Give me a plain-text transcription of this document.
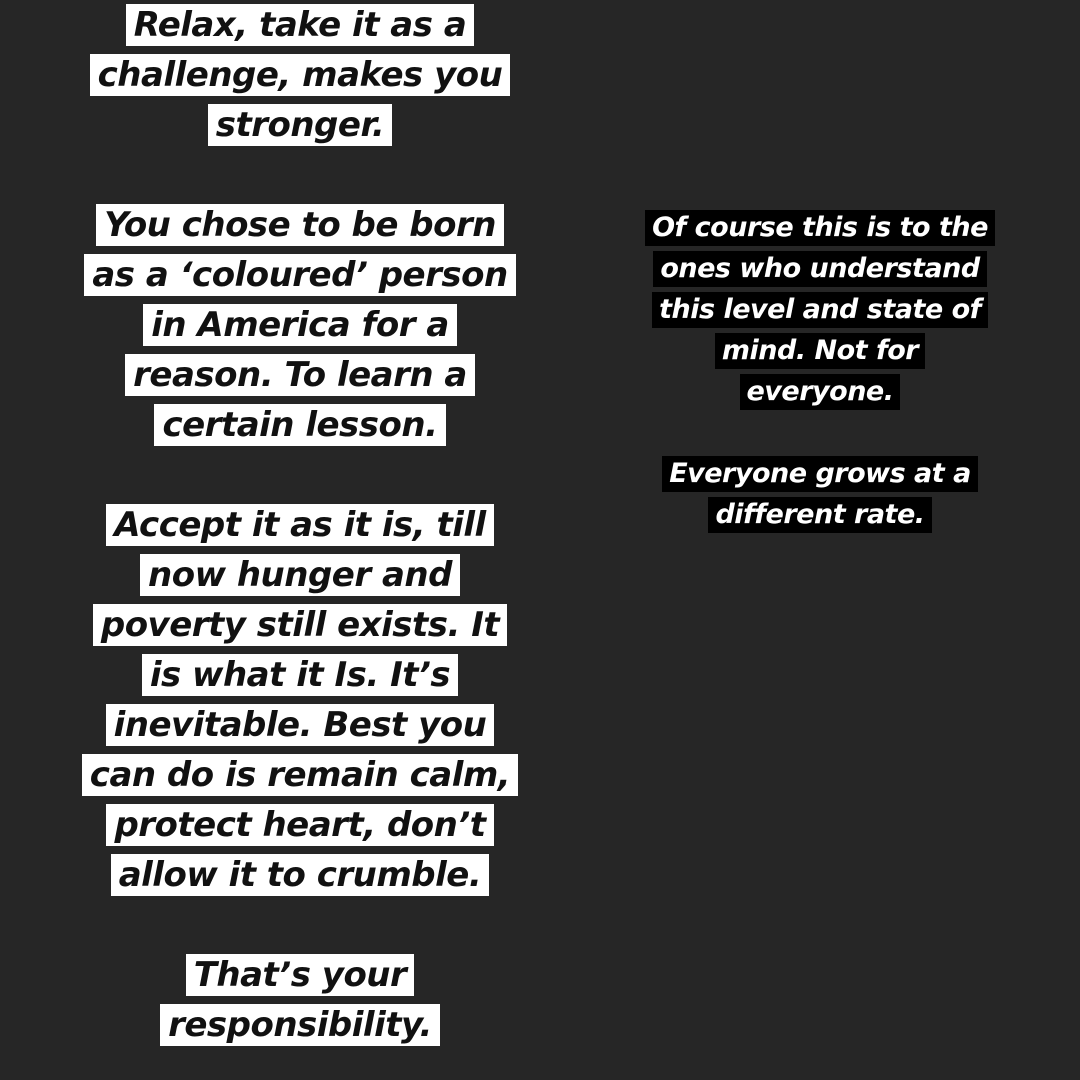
Relax, take it as a
challenge, makes you
stronger.
You chose to be born
as a ‘coloured’ person
in America for a
reason. To learn a
certain lesson.
Accept it as it is, till
now hunger and
poverty still exists. It
is what it Is. It’s
inevitable. Best you
can do is remain calm,
protect heart, don’t
allow it to crumble.
That’s your
responsibility.
Of course this is to the
ones who understand
this level and state of
mind. Not for
everyone.
Everyone grows at a
different rate.
